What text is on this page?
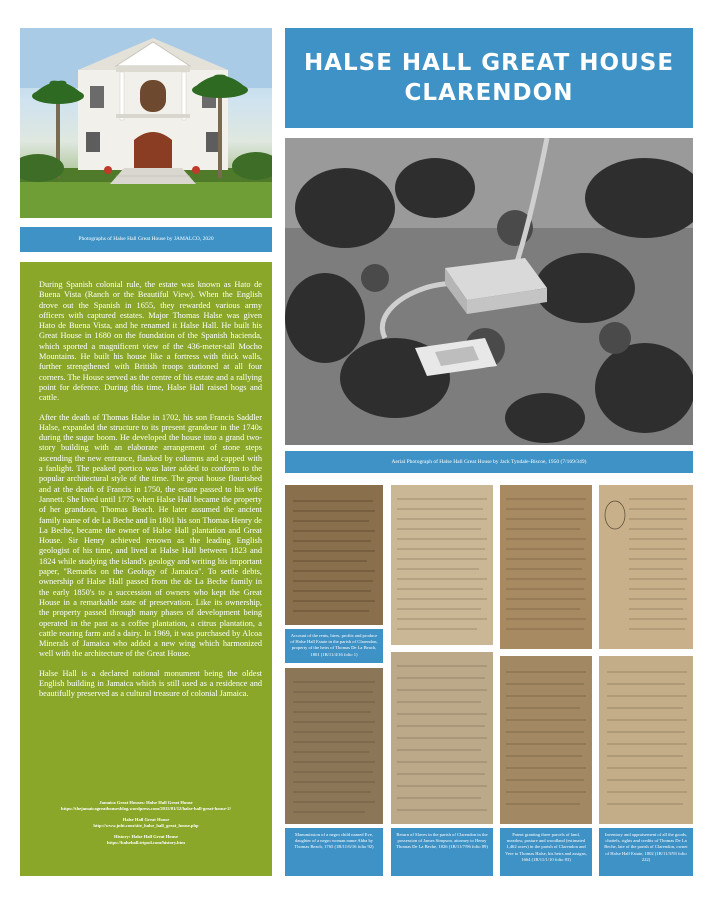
Photographs of Halse Hall Great House by JAMALCO, 2020
HALSE HALL GREAT HOUSE
CLARENDON
Aerial Photograph of Halse Hall Great House by Jack Tyndale-Biscoe, 1950 (7/169/349)

During Spanish colonial rule, the estate was known as Hato de Buena Vista (Ranch or the Beautiful View). When the English drove out the Spanish in 1655, they rewarded various army officers with captured estates. Major Thomas Halse was given Hato de Buena Vista, and he renamed it Halse Hall. He built his Great House in 1680 on the foundation of the Spanish hacienda, which sported a magnificent view of the 436-meter-tall Mocho Mountains. He built his house like a fortress with thick walls, further strengthened with British troops stationed at all four corners. The House served as the centre of his estate and a rallying point for defence. During this time, Halse Hall raised hogs and cattle.

After the death of Thomas Halse in 1702, his son Francis Saddler Halse, expanded the structure to its present grandeur in the 1740s during the sugar boom. He developed the house into a grand two-story building with an elaborate arrangement of stone steps ascending the new entrance, flanked by columns and capped with a fanlight. The peaked portico was later added to conform to the popular architectural style of the time. The great house flourished and at the death of Francis in 1750, the estate passed to his wife Jannett. She lived until 1775 when Halse Hall became the property of her grandson, Thomas Beach. He later assumed the ancient family name of de La Beche and in 1801 his son Thomas Henry de La Beche, became the owner of Halse Hall plantation and Great House. Sir Henry achieved renown as the leading English geologist of his time, and lived at Halse Hall between 1823 and 1824 while studying the island's geology and writing his important paper, "Remarks on the Geology of Jamaica". To settle debts, ownership of Halse Hall passed from the de La Beche family in the early 1850's to a succession of owners who kept the Great House in a remarkable state of preservation. Like its ownership, the property passed through many phases of development being operated in the past as a coffee plantation, a citrus plantation, a cattle rearing farm and a dairy. In 1969, it was purchased by Alcoa Minerals of Jamaica who added a new wing which harmonized well with the architecture of the Great House.

Halse Hall is a declared national monument being the oldest English building in Jamaica which is still used as a residence and beautifully preserved as a cultural treasure of colonial Jamaica.

Jamaica Great Houses: Halse Hall Great House
https://thejamaicagreathousesblog.wordpress.com/2015/01/12/halse-hall-great-house-2/
Halse Hall Great House
http://www.jnht.com/site_halse_hall_great_house.php
History: Halse Hall Great House
https://halsehall.tripod.com/history.htm
Account of the rents, hires, profits and produce of Halse Hall Estate in the parish of Clarendon, property of the heirs of Thomas De La Beach, 1801 (1B/11/4/16 folio 1)
Manumission of a negro child named Eve, daughter of a negro woman name Abba by Thomas Beach, 1765 (1B/11/6/16 folio 92)
Return of Slaves in the parish of Clarendon in the possession of James Simpson, attorney to Henry Thomas De La Beche, 1826 (1B/11/7/96 folio 89)
Patent granting three parcels of land, meadow, pasture and woodland (estimated 1,462 acres) in the parish of Clarendon and Vere to Thomas Halse, his heirs and assigns, 1664 (1B/11/1/10 folio 83)
Inventory and appraisement of all the goods, chattels, rights and credits of Thomas De La Beche, late of the parish of Clarendon, owner of Halse Hall Estate, 1802 (1B/11/3/93 folio 222)
